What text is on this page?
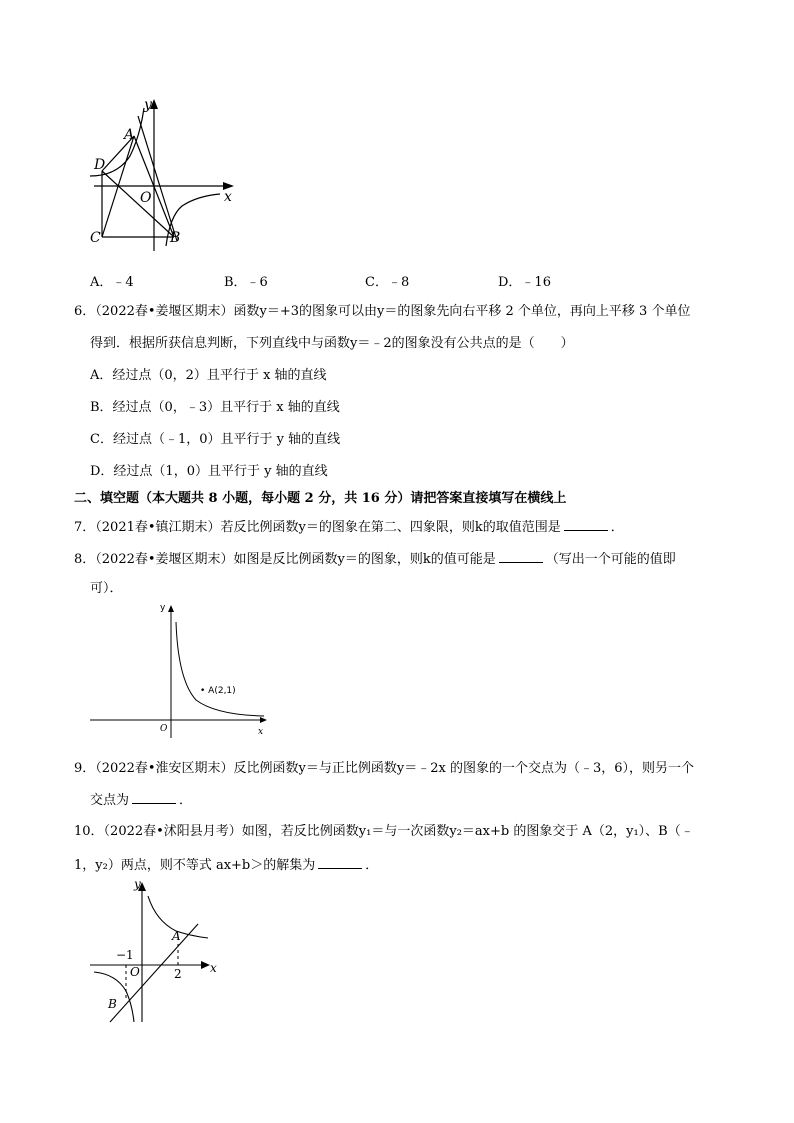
y
x
A
D
O
C	B
A．﹣4	B．﹣6	C．﹣8	D．﹣16
6．（2022春•姜堰区期末）函数y＝+3的图象可以由y＝的图象先向右平移 2 个单位，再向上平移 3 个单位
得到．根据所获信息判断，下列直线中与函数y＝﹣2的图象没有公共点的是（　　）
A．经过点（0，2）且平行于 x 轴的直线
B．经过点（0，﹣3）且平行于 x 轴的直线
C．经过点（﹣1，0）且平行于 y 轴的直线
D．经过点（1，0）且平行于 y 轴的直线
二、填空题（本大题共 8 小题，每小题 2 分，共 16 分）请把答案直接填写在横线上
7．（2021春•镇江期末）若反比例函数y＝的图象在第二、四象限，则k的取值范围是	．
8．（2022春•姜堰区期末）如图是反比例函数y＝的图象，则k的值可能是	（写出一个可能的值即
可）．
y
x
O
• A(2,1)
9．（2022春•淮安区期末）反比例函数y＝与正比例函数y＝﹣2x 的图象的一个交点为（﹣3，6），则另一个
交点为	．
10．（2022春•沭阳县月考）如图，若反比例函数y₁＝与一次函数y₂＝ax+b 的图象交于 A（2，y₁）、B（﹣
1，y₂）两点，则不等式 ax+b＞的解集为	．
y
x
A
B
O
−1
2
